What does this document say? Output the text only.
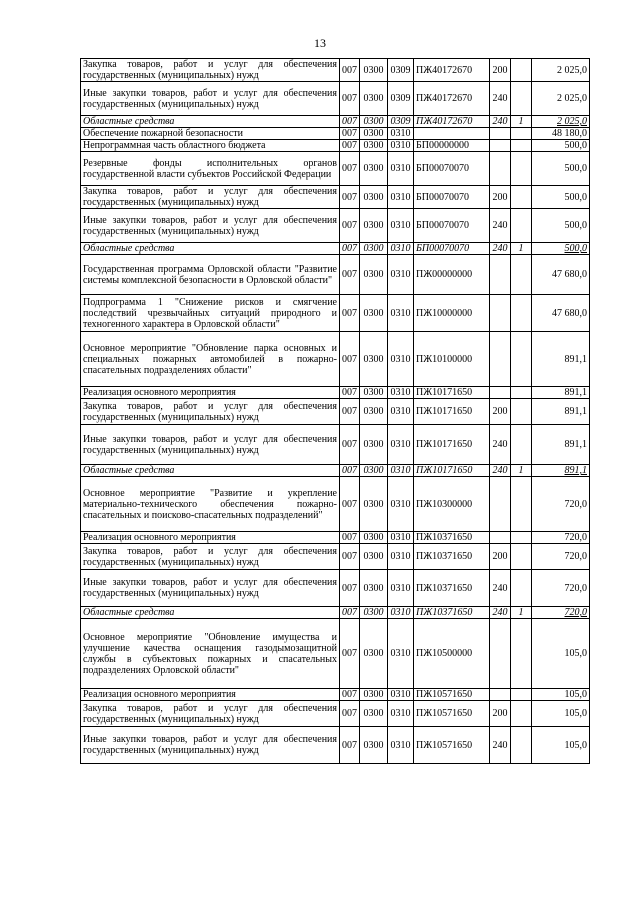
13
Закупка товаров, работ и услуг для обеспечения государственных (муниципальных) нужд	007	0300	0309	ПЖ40172670	200		2 025,0
Иные закупки товаров, работ и услуг для обеспечения государственных (муниципальных) нужд	007	0300	0309	ПЖ40172670	240		2 025,0
Областные средства	007	0300	0309	ПЖ40172670	240	1	2 025,0
Обеспечение пожарной безопасности	007	0300	0310				48 180,0
Непрограммная часть областного бюджета	007	0300	0310	БП00000000			500,0
Резервные фонды исполнительных органов государственной власти субъектов Российской Федерации	007	0300	0310	БП00070070			500,0
Закупка товаров, работ и услуг для обеспечения государственных (муниципальных) нужд	007	0300	0310	БП00070070	200		500,0
Иные закупки товаров, работ и услуг для обеспечения государственных (муниципальных) нужд	007	0300	0310	БП00070070	240		500,0
Областные средства	007	0300	0310	БП00070070	240	1	500,0
Государственная программа Орловской области "Развитие системы комплексной безопасности в Орловской области"	007	0300	0310	ПЖ00000000			47 680,0
Подпрограмма 1 "Снижение рисков и смягчение последствий чрезвычайных ситуаций природного и техногенного характера в Орловской области"	007	0300	0310	ПЖ10000000			47 680,0
Основное мероприятие "Обновление парка основных и специальных пожарных автомобилей в пожарно-спасательных подразделениях области"	007	0300	0310	ПЖ10100000			891,1
Реализация основного мероприятия	007	0300	0310	ПЖ10171650			891,1
Закупка товаров, работ и услуг для обеспечения государственных (муниципальных) нужд	007	0300	0310	ПЖ10171650	200		891,1
Иные закупки товаров, работ и услуг для обеспечения государственных (муниципальных) нужд	007	0300	0310	ПЖ10171650	240		891,1
Областные средства	007	0300	0310	ПЖ10171650	240	1	891,1
Основное мероприятие "Развитие и укрепление материально-технического обеспечения пожарно-спасательных и поисково-спасательных подразделений"	007	0300	0310	ПЖ10300000			720,0
Реализация основного мероприятия	007	0300	0310	ПЖ10371650			720,0
Закупка товаров, работ и услуг для обеспечения государственных (муниципальных) нужд	007	0300	0310	ПЖ10371650	200		720,0
Иные закупки товаров, работ и услуг для обеспечения государственных (муниципальных) нужд	007	0300	0310	ПЖ10371650	240		720,0
Областные средства	007	0300	0310	ПЖ10371650	240	1	720,0
Основное мероприятие "Обновление имущества и улучшение качества оснащения газодымозащитной службы в субъектовых пожарных и спасательных подразделениях Орловской области"	007	0300	0310	ПЖ10500000			105,0
Реализация основного мероприятия	007	0300	0310	ПЖ10571650			105,0
Закупка товаров, работ и услуг для обеспечения государственных (муниципальных) нужд	007	0300	0310	ПЖ10571650	200		105,0
Иные закупки товаров, работ и услуг для обеспечения государственных (муниципальных) нужд	007	0300	0310	ПЖ10571650	240		105,0
